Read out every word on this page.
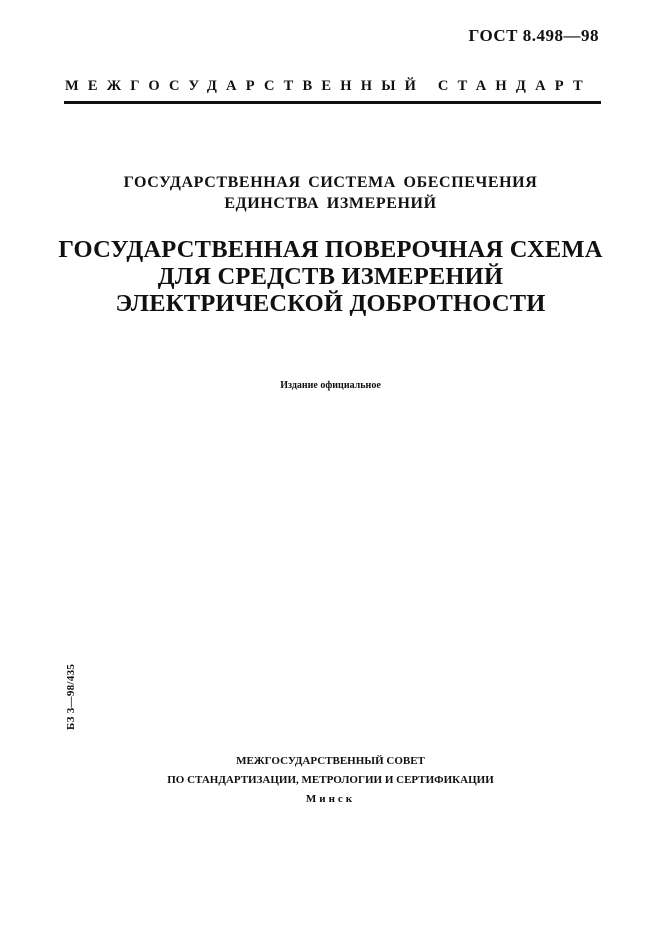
ГОСТ 8.498—98
МЕЖГОСУДАРСТВЕННЫЙ СТАНДАРТ
ГОСУДАРСТВЕННАЯ СИСТЕМА ОБЕСПЕЧЕНИЯ
ЕДИНСТВА ИЗМЕРЕНИЙ
ГОСУДАРСТВЕННАЯ ПОВЕРОЧНАЯ СХЕМА
ДЛЯ СРЕДСТВ ИЗМЕРЕНИЙ
ЭЛЕКТРИЧЕСКОЙ ДОБРОТНОСТИ
Издание официальное
БЗ 3—98/435
МЕЖГОСУДАРСТВЕННЫЙ СОВЕТ
ПО СТАНДАРТИЗАЦИИ, МЕТРОЛОГИИ И СЕРТИФИКАЦИИ
Минск
